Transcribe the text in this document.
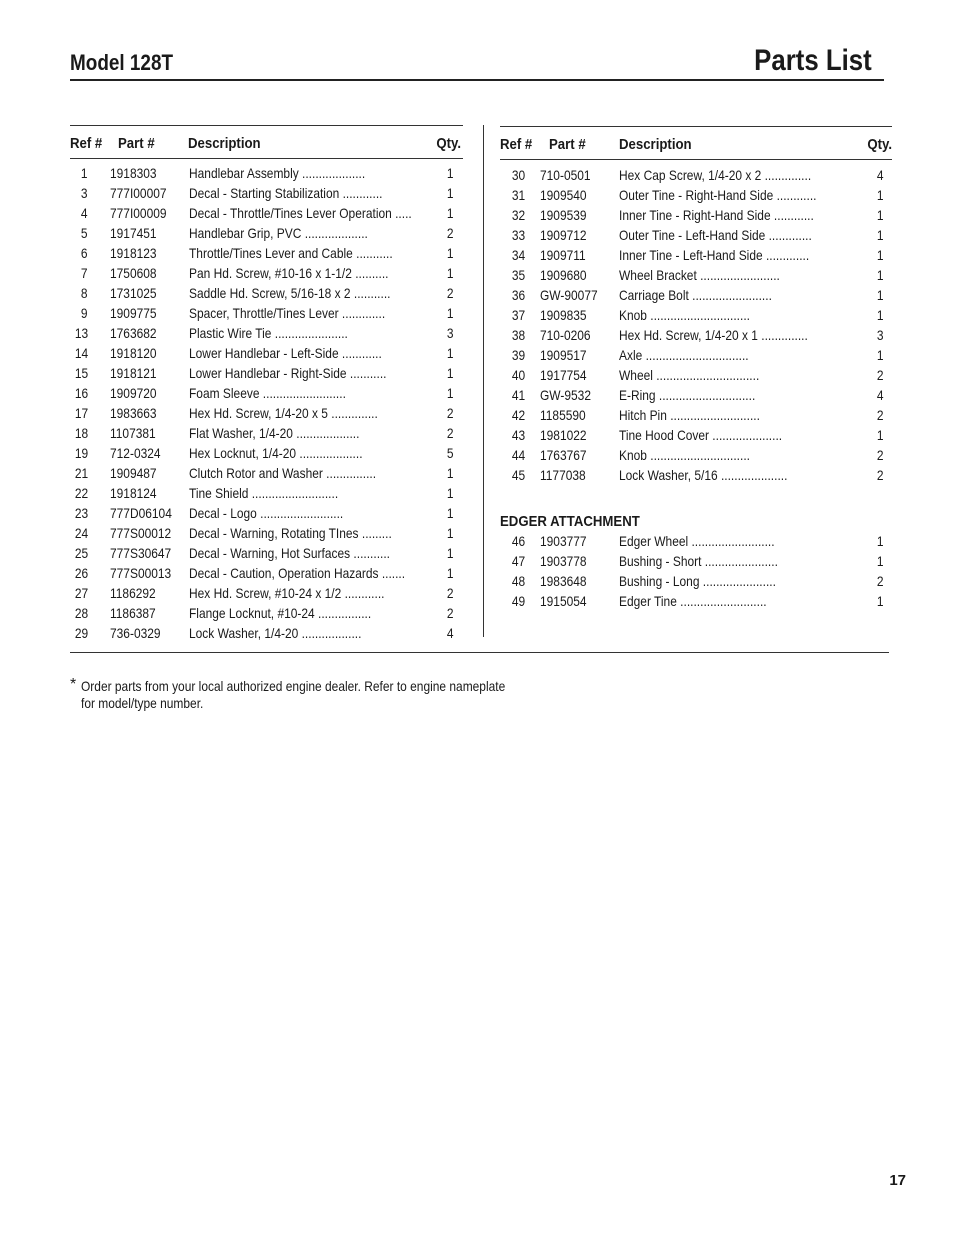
Model 128T	Parts List
Ref # Part # Description	Qty.
1 1918303 Handlebar Assembly ...................	1
3 777I00007 Decal - Starting Stabilization ............	1
4 777I00009 Decal - Throttle/Tines Lever Operation .....	1
5 1917451 Handlebar Grip, PVC ...................	2
6 1918123 Throttle/Tines Lever and Cable ...........	1
7 1750608 Pan Hd. Screw, #10-16 x 1-1/2 ..........	1
8 1731025 Saddle Hd. Screw, 5/16-18 x 2 ...........	2
9 1909775 Spacer, Throttle/Tines Lever .............	1
13 1763682 Plastic Wire Tie ......................	3
14 1918120 Lower Handlebar - Left-Side ............	1
15 1918121 Lower Handlebar - Right-Side ...........	1
16 1909720 Foam Sleeve .........................	1
17 1983663 Hex Hd. Screw, 1/4-20 x 5 ..............	2
18 1107381 Flat Washer, 1/4-20 ...................	2
19 712-0324 Hex Locknut, 1/4-20 ...................	5
21 1909487 Clutch Rotor and Washer ...............	1
22 1918124 Tine Shield ..........................	1
23 777D06104 Decal - Logo .........................	1
24 777S00012 Decal - Warning, Rotating TInes .........	1
25 777S30647 Decal - Warning, Hot Surfaces ...........	1
26 777S00013 Decal - Caution, Operation Hazards .......	1
27 1186292 Hex Hd. Screw, #10-24 x 1/2 ............	2
28 1186387 Flange Locknut, #10-24 ................	2
29 736-0329 Lock Washer, 1/4-20 ..................	4
Ref # Part # Description	Qty.
30 710-0501 Hex Cap Screw, 1/4-20 x 2 ..............	4
31 1909540 Outer Tine - Right-Hand Side ............	1
32 1909539 Inner Tine - Right-Hand Side ............	1
33 1909712 Outer Tine - Left-Hand Side .............	1
34 1909711 Inner Tine - Left-Hand Side .............	1
35 1909680 Wheel Bracket ........................	1
36 GW-90077 Carriage Bolt ........................	1
37 1909835 Knob ..............................	1
38 710-0206 Hex Hd. Screw, 1/4-20 x 1 ..............	3
39 1909517 Axle ...............................	1
40 1917754 Wheel ...............................	2
41 GW-9532 E-Ring .............................	4
42 1185590 Hitch Pin ...........................	2
43 1981022 Tine Hood Cover .....................	1
44 1763767 Knob ..............................	2
45 1177038 Lock Washer, 5/16 ....................	2
EDGER ATTACHMENT
46 1903777 Edger Wheel .........................	1
47 1903778 Bushing - Short ......................	1
48 1983648 Bushing - Long ......................	2
49 1915054 Edger Tine ..........................	1
* Order parts from your local authorized engine dealer. Refer to engine nameplate
for model/type number.
17
